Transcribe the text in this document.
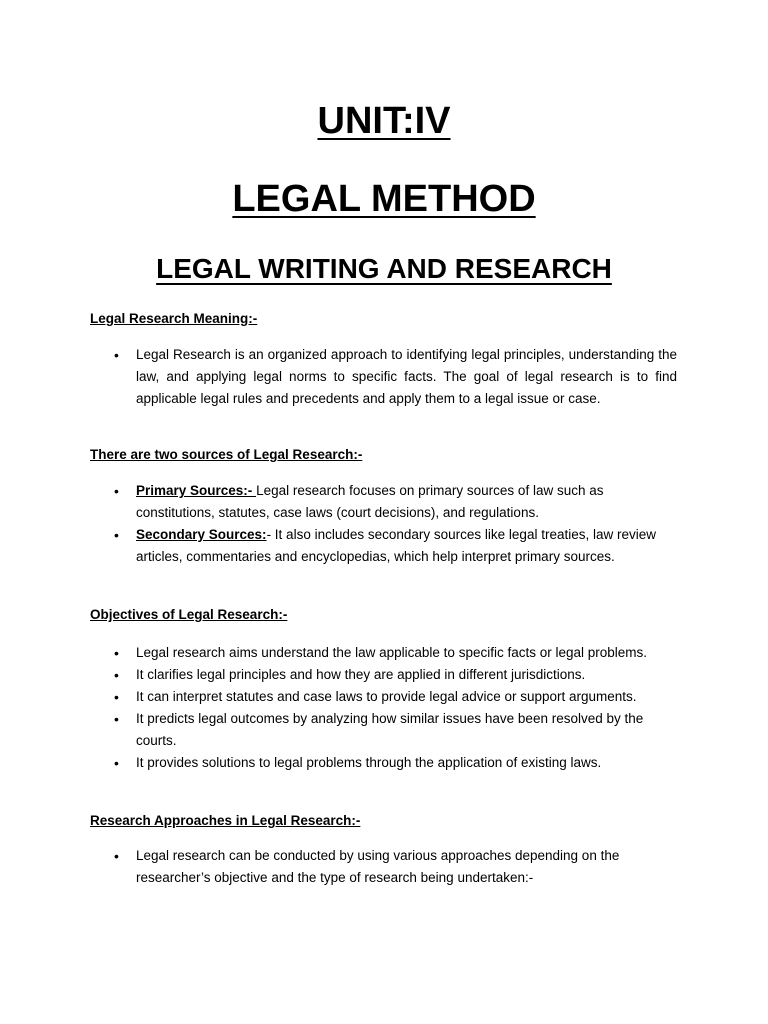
UNIT:IV
LEGAL METHOD
LEGAL WRITING AND RESEARCH

Legal Research Meaning:-

• Legal Research is an organized approach to identifying legal principles, understanding the law, and applying legal norms to specific facts. The goal of legal research is to find applicable legal rules and precedents and apply them to a legal issue or case.

There are two sources of Legal Research:-

• Primary Sources:- Legal research focuses on primary sources of law such as constitutions, statutes, case laws (court decisions), and regulations.
• Secondary Sources:- It also includes secondary sources like legal treaties, law review articles, commentaries and encyclopedias, which help interpret primary sources.

Objectives of Legal Research:-

• Legal research aims understand the law applicable to specific facts or legal problems.
• It clarifies legal principles and how they are applied in different jurisdictions.
• It can interpret statutes and case laws to provide legal advice or support arguments.
• It predicts legal outcomes by analyzing how similar issues have been resolved by the courts.
• It provides solutions to legal problems through the application of existing laws.

Research Approaches in Legal Research:-

• Legal research can be conducted by using various approaches depending on the researcher’s objective and the type of research being undertaken:-
